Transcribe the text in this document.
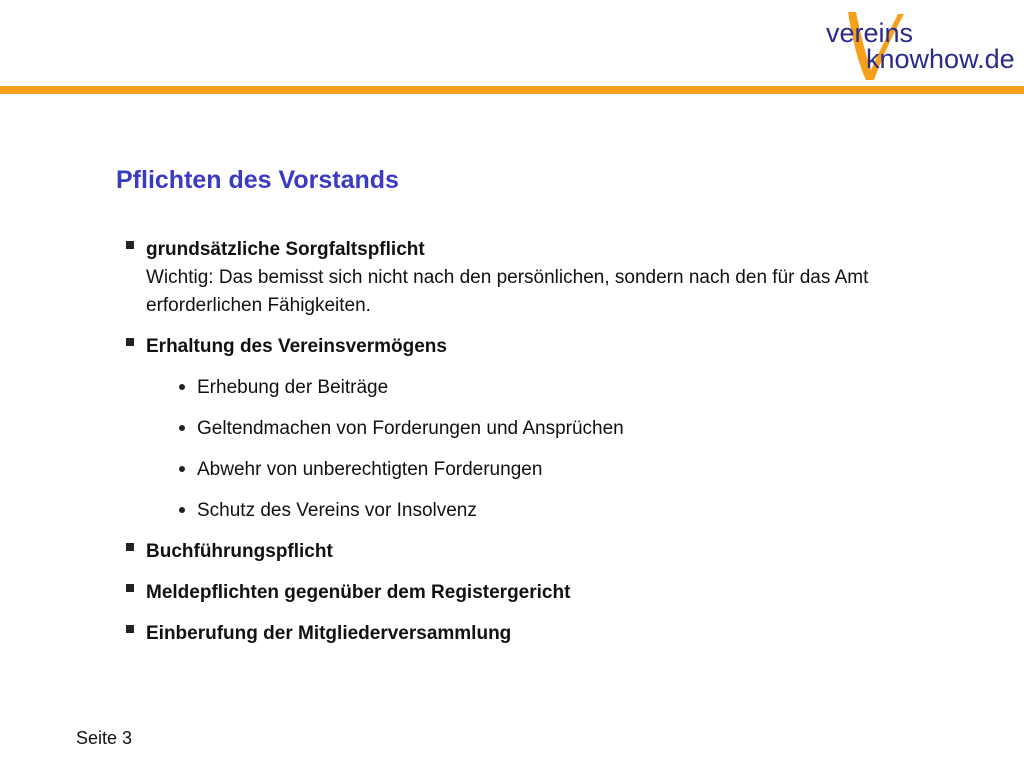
vereins
knowhow.de
Pflichten des Vorstands
grundsätzliche Sorgfaltspflicht
Wichtig: Das bemisst sich nicht nach den persönlichen, sondern nach den für das Amt erforderlichen Fähigkeiten.
Erhaltung des Vereinsvermögens
Erhebung der Beiträge
Geltendmachen von Forderungen und Ansprüchen
Abwehr von unberechtigten Forderungen
Schutz des Vereins vor Insolvenz
Buchführungspflicht
Meldepflichten gegenüber dem Registergericht
Einberufung der Mitgliederversammlung
Seite 3
